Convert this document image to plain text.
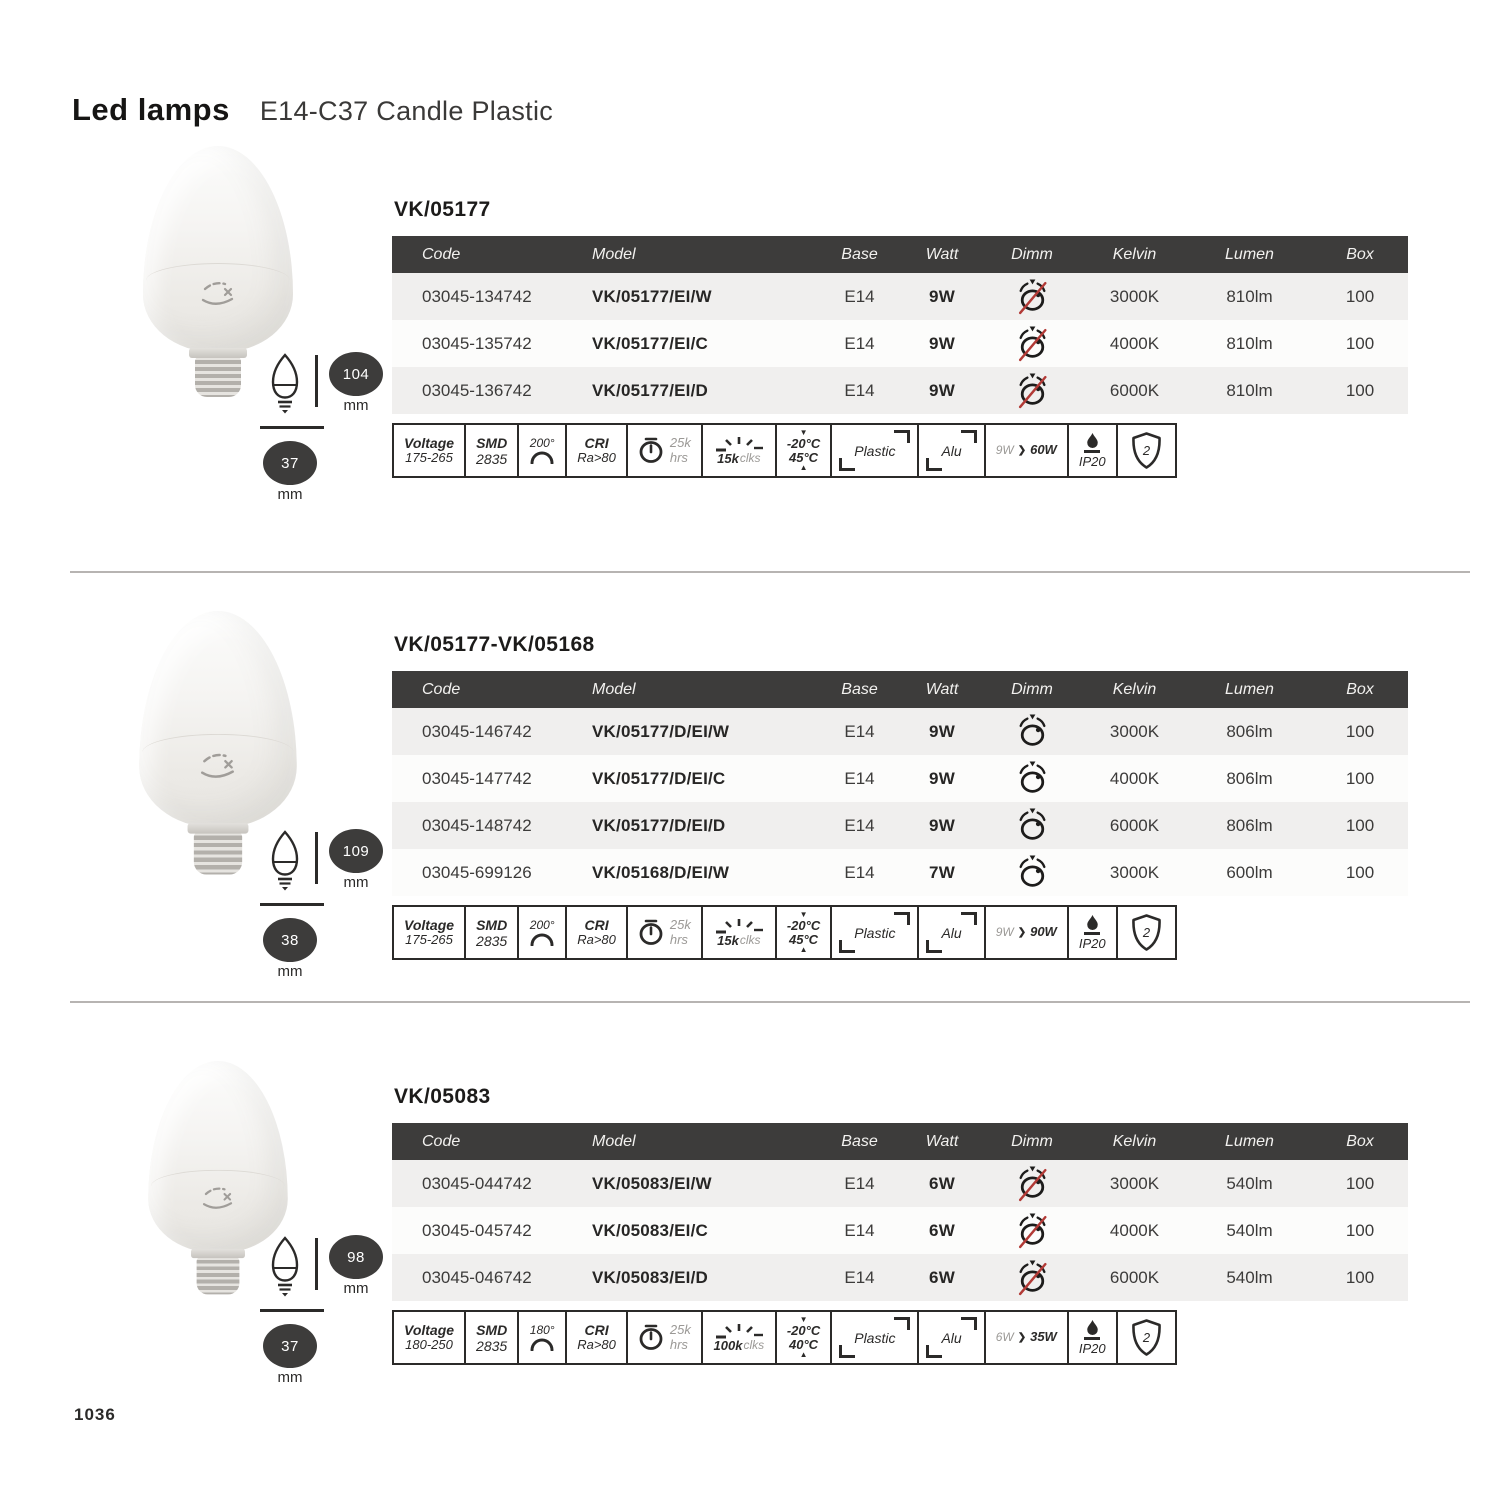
Led lamps E14-C37 Candle Plastic
104
mm
37
mm
VK/05177
Code	Model	Base	Watt	Dimm	Kelvin	Lumen	Box
03045-134742	VK/05177/EI/W	E14	9W	3000K	810lm	100
03045-135742	VK/05177/EI/C	E14	9W	4000K	810lm	100
03045-136742	VK/05177/EI/D	E14	9W	6000K	810lm	100
Voltage
175-265
SMD
2835
200° CRI
Ra>80
25k
hrs 15k clks
▼
-20°C
45°C
▲
Plastic	Alu	9W ❯ 60W
IP20
2
109
mm
38
mm
VK/05177-VK/05168
Code	Model	Base	Watt	Dimm	Kelvin	Lumen	Box
03045-146742	VK/05177/D/EI/W	E14	9W	3000K	806lm	100
03045-147742	VK/05177/D/EI/C	E14	9W	4000K	806lm	100
03045-148742	VK/05177/D/EI/D	E14	9W	6000K	806lm	100
03045-699126	VK/05168/D/EI/W	E14	7W	3000K	600lm	100
Voltage
175-265
SMD
2835
200° CRI
Ra>80
25k
hrs 15k clks
▼
-20°C
45°C
▲
Plastic	Alu	9W ❯ 90W
IP20
2
98
mm
37
mm
VK/05083
Code	Model	Base	Watt	Dimm	Kelvin	Lumen	Box
03045-044742	VK/05083/EI/W	E14	6W	3000K	540lm	100
03045-045742	VK/05083/EI/C	E14	6W	4000K	540lm	100
03045-046742	VK/05083/EI/D	E14	6W	6000K	540lm	100
Voltage
180-250
SMD
2835
180° CRI
Ra>80
25k
hrs 100k clks
▼
-20°C
40°C
▲
Plastic	Alu	6W ❯ 35W
IP20
2
1036
